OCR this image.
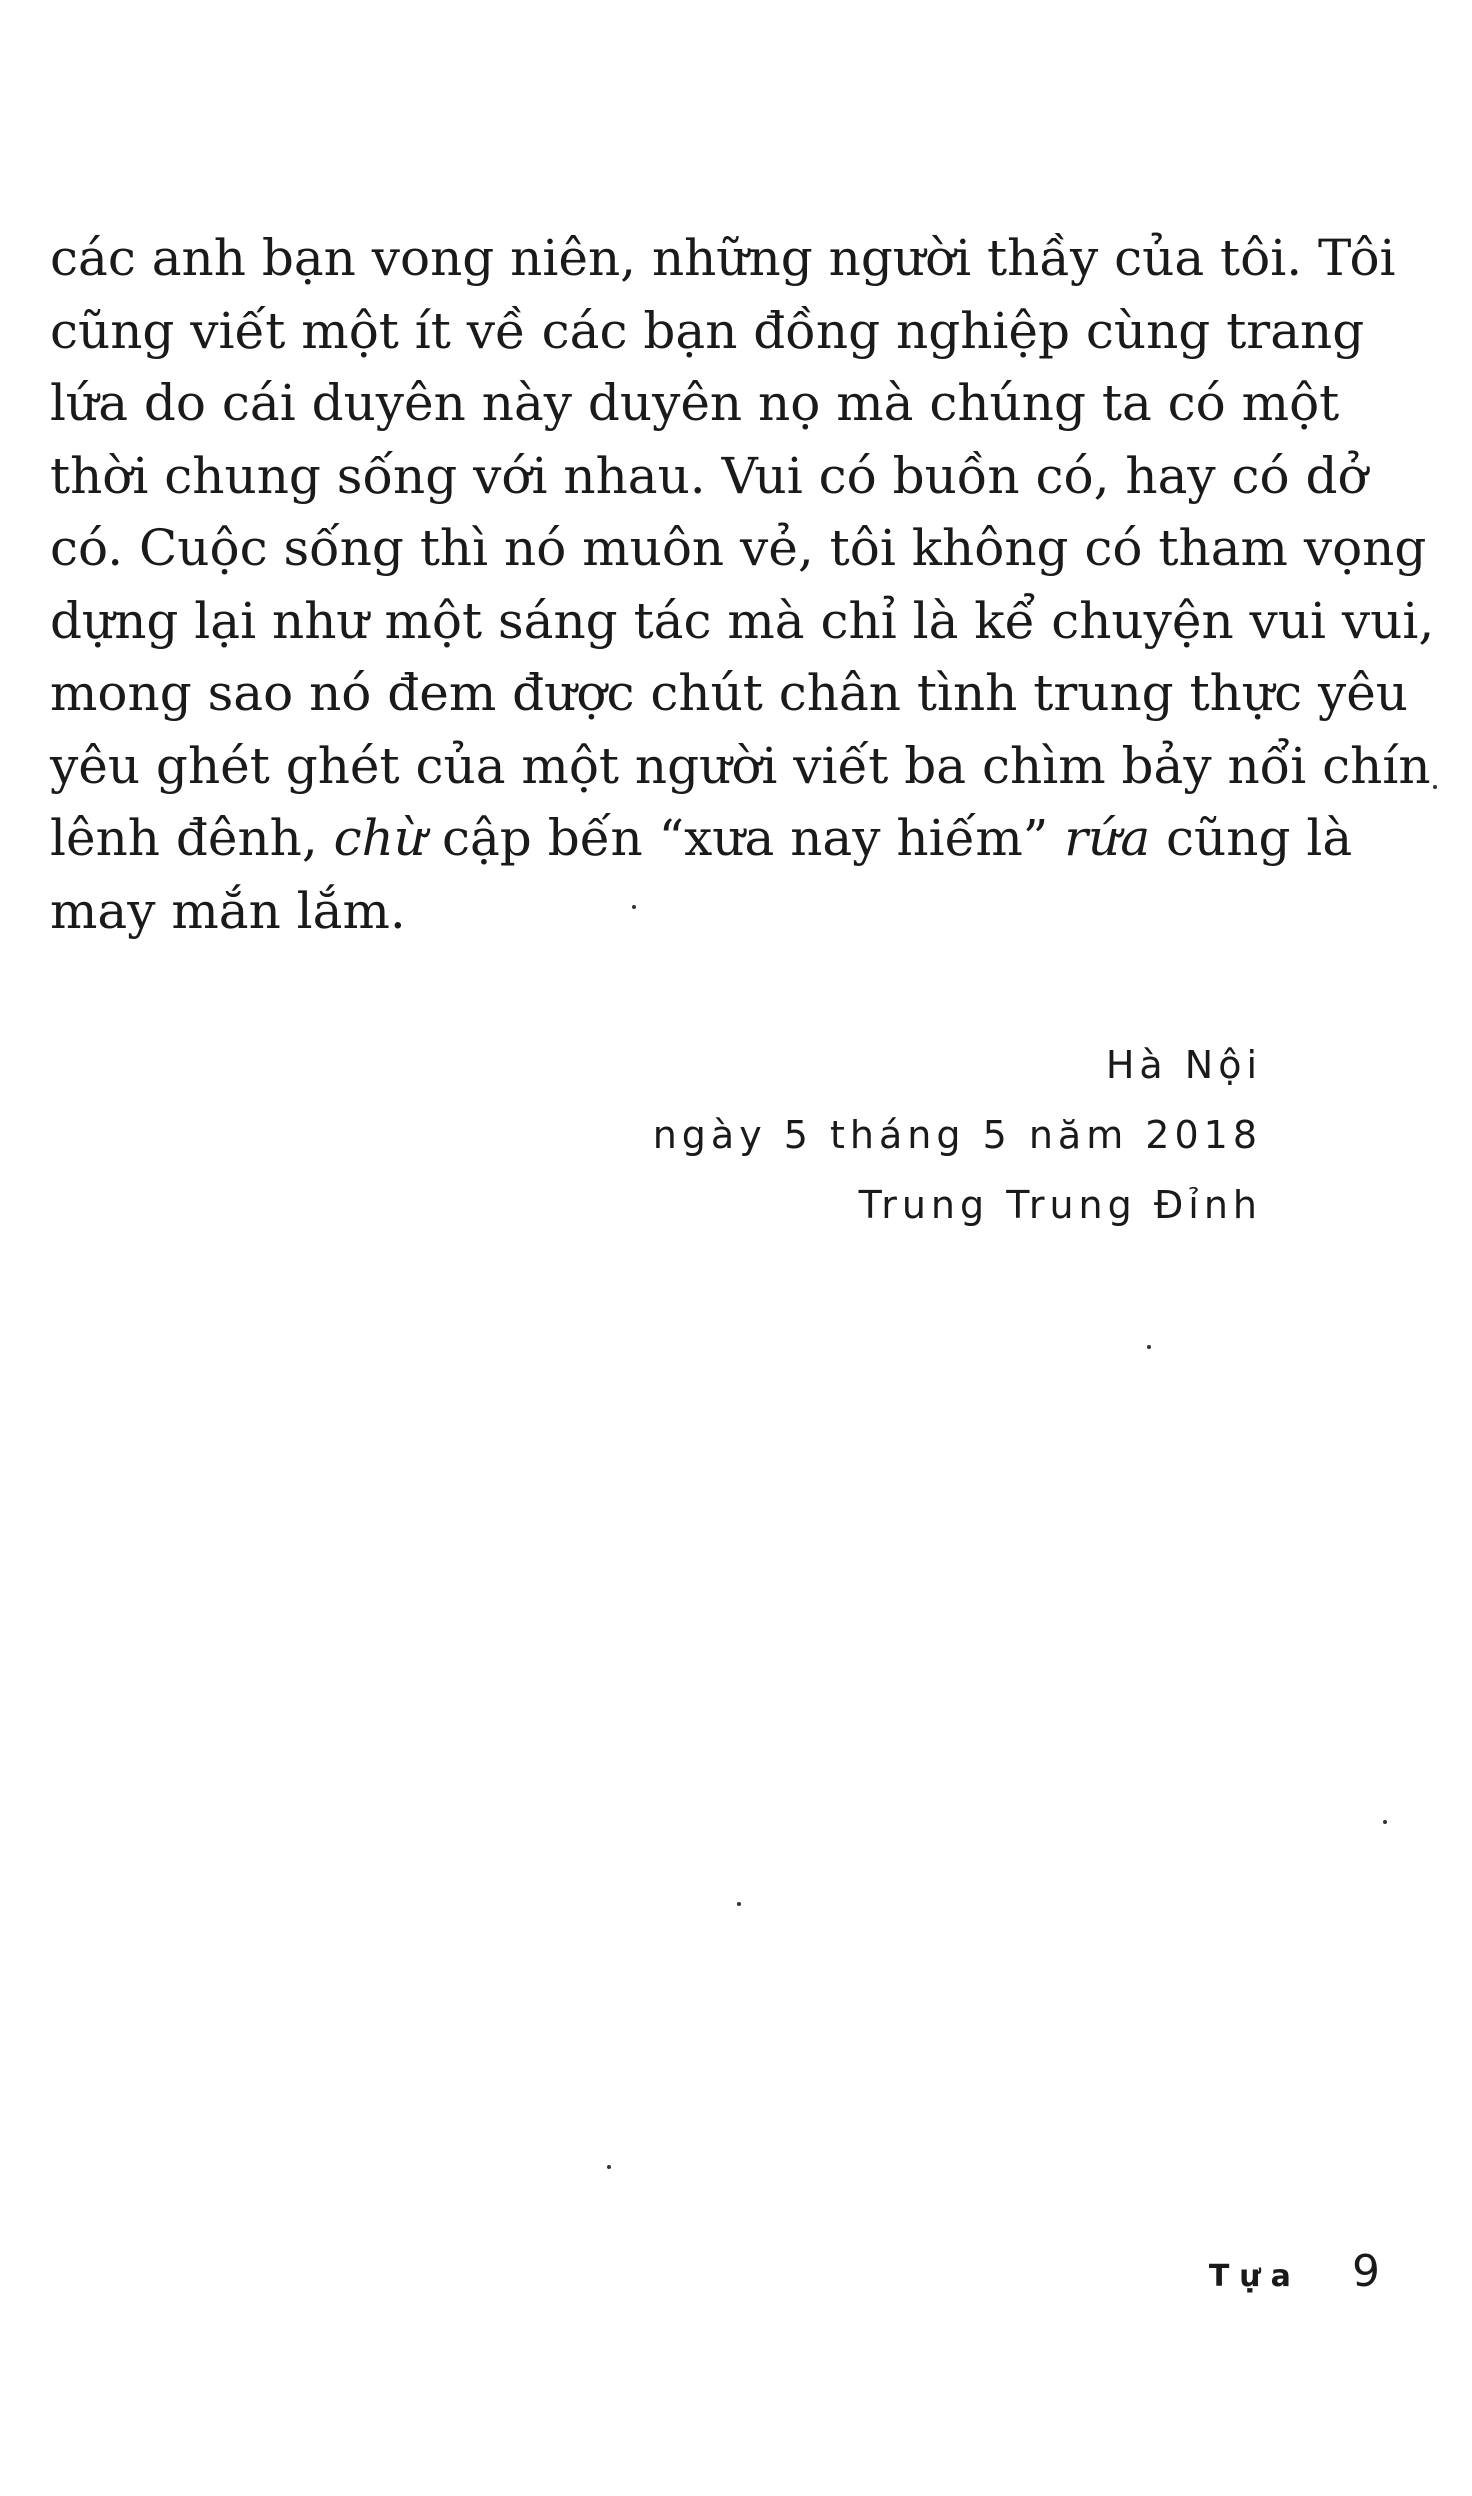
các anh bạn vong niên, những người thầy của tôi. Tôi
cũng viết một ít về các bạn đồng nghiệp cùng trang
lứa do cái duyên này duyên nọ mà chúng ta có một
thời chung sống với nhau. Vui có buồn có, hay có dở
có. Cuộc sống thì nó muôn vẻ, tôi không có tham vọng
dựng lại như một sáng tác mà chỉ là kể chuyện vui vui,
mong sao nó đem được chút chân tình trung thực yêu
yêu ghét ghét của một người viết ba chìm bảy nổi chín
lênh đênh, chừ cập bến “xưa nay hiếm” rứa cũng là
may mắn lắm.
Hà Nội
ngày 5 tháng 5 năm 2018
Trung Trung Đỉnh
Tựa 9
